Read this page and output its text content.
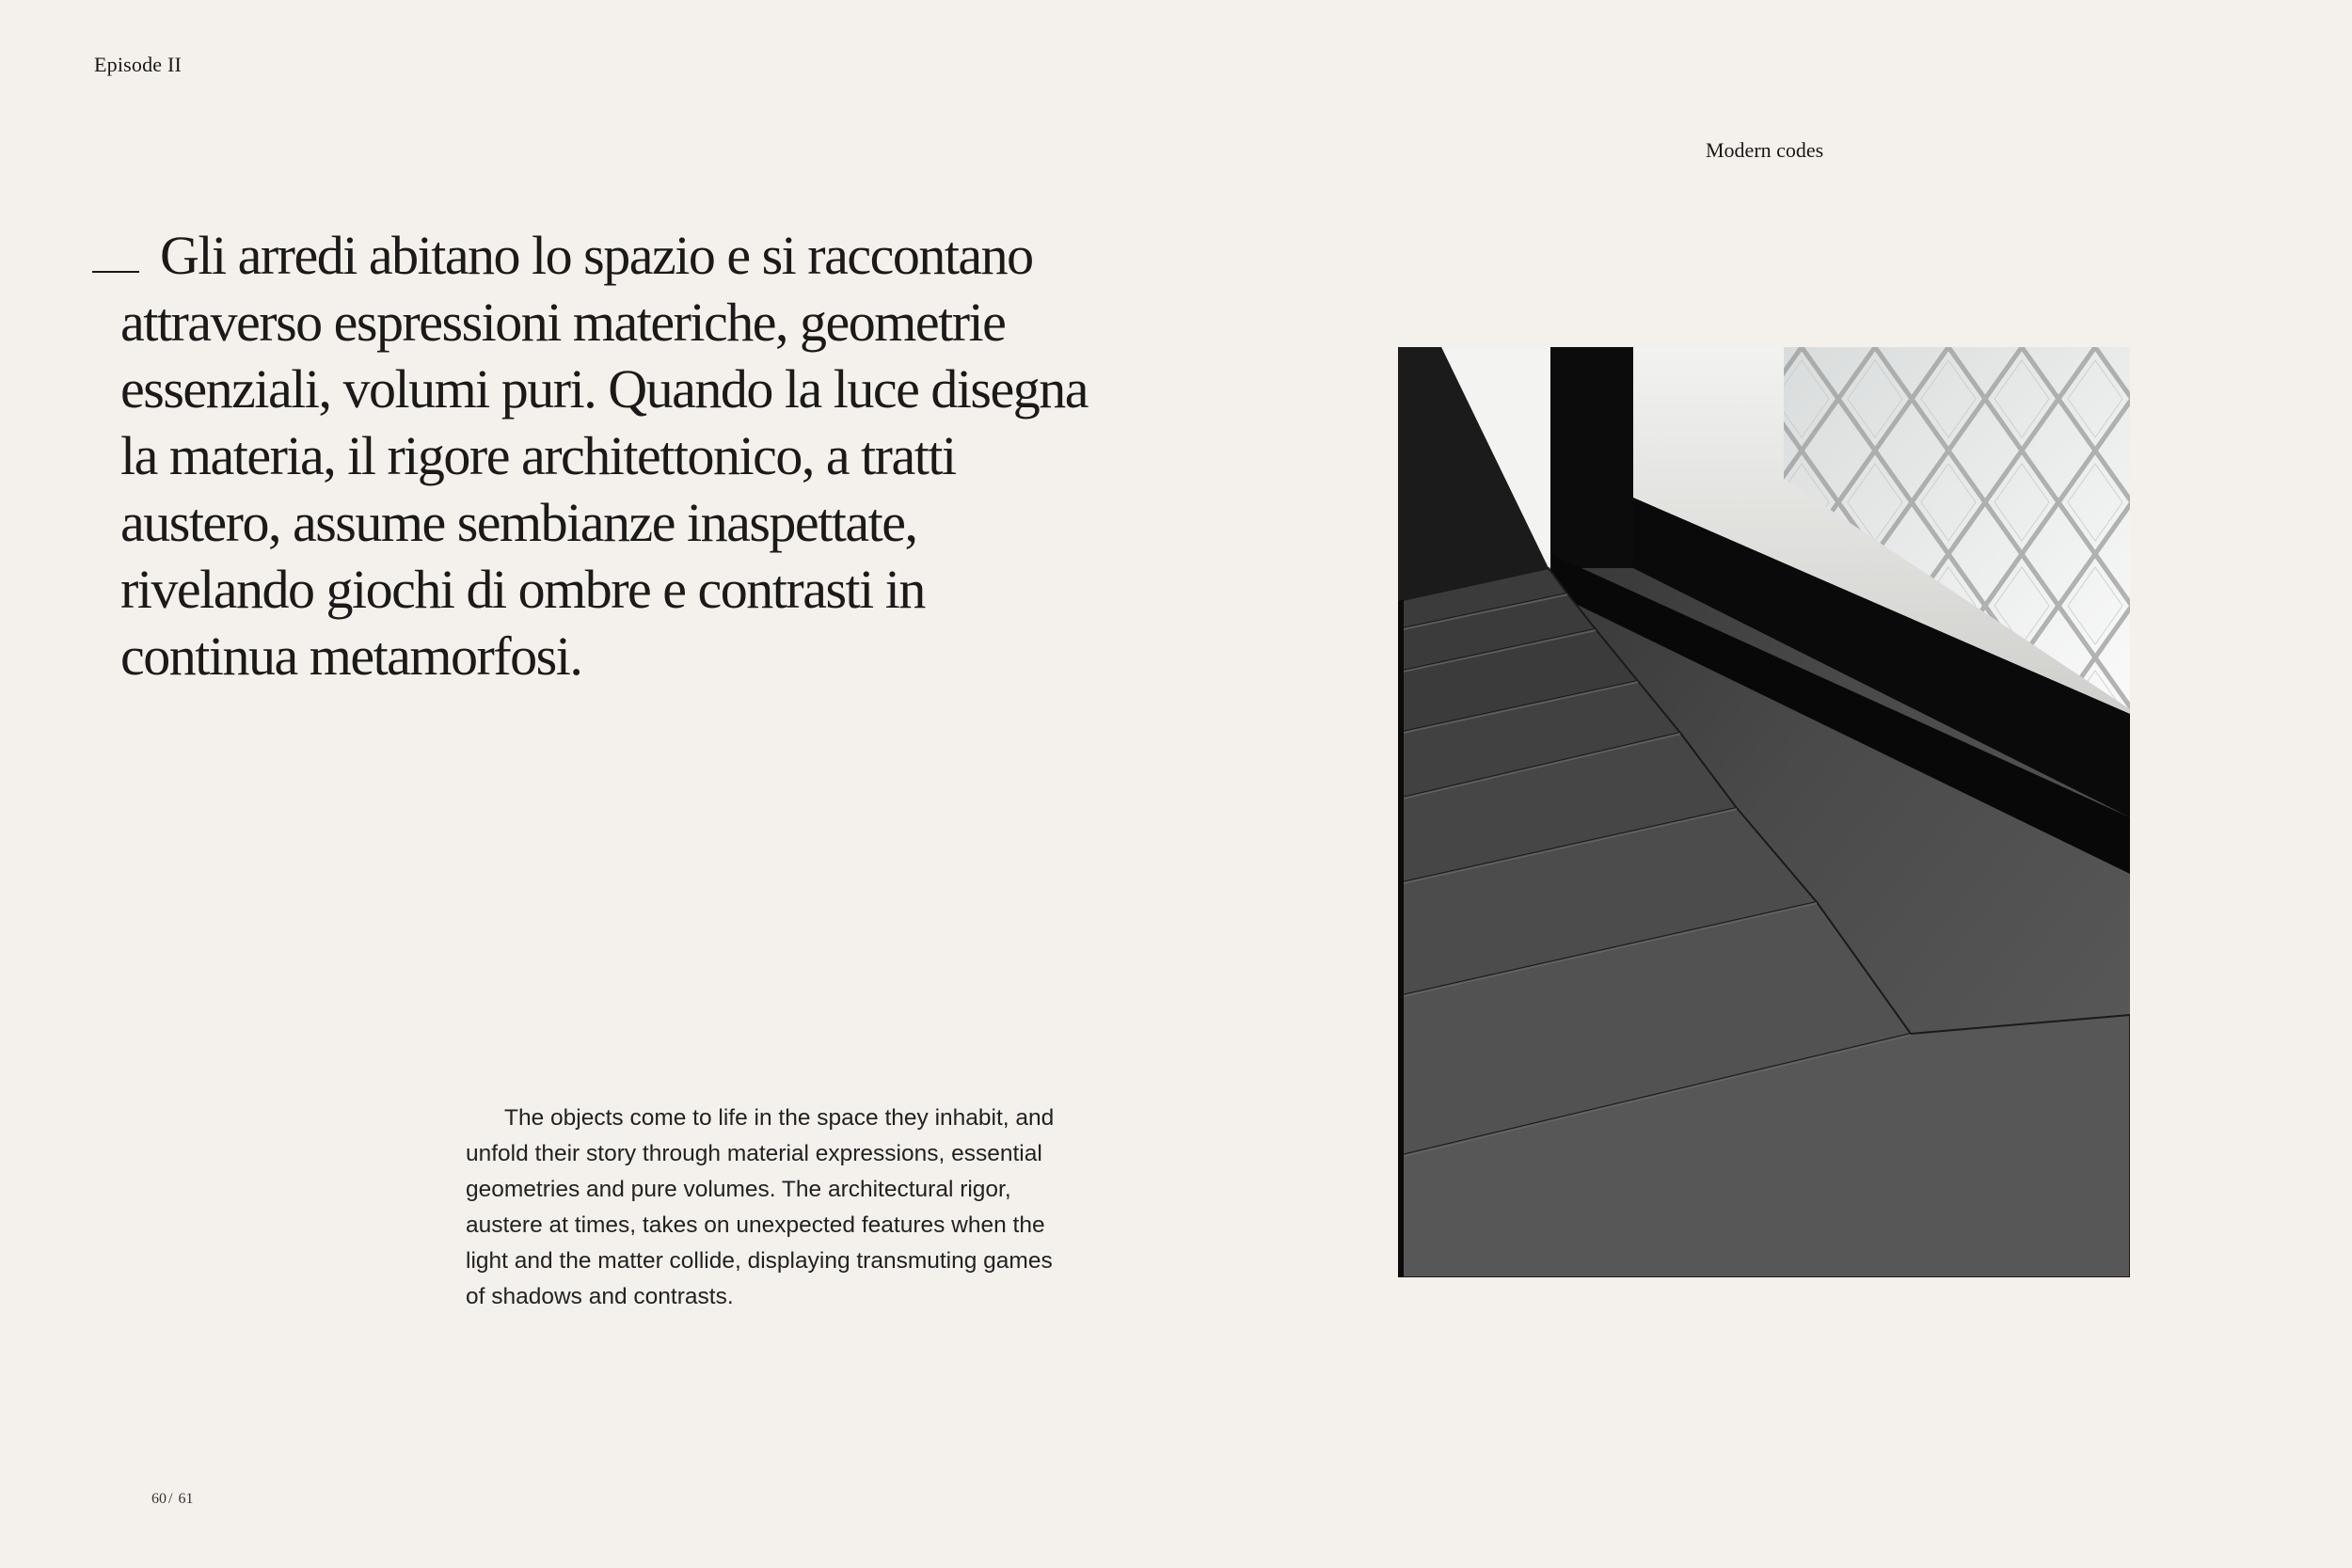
Episode II
Modern codes

Gli arredi abitano lo spazio e si raccontano attraverso espressioni materiche, geometrie essenziali, volumi puri. Quando la luce disegna la materia, il rigore architettonico, a tratti austero, assume sembianze inaspettate, rivelando giochi di ombre e contrasti in continua metamorfosi.

The objects come to life in the space they inhabit, and unfold their story through material expressions, essential geometries and pure volumes. The architectural rigor, austere at times, takes on unexpected features when the light and the matter collide, displaying transmuting games of shadows and contrasts.

60 / 61
